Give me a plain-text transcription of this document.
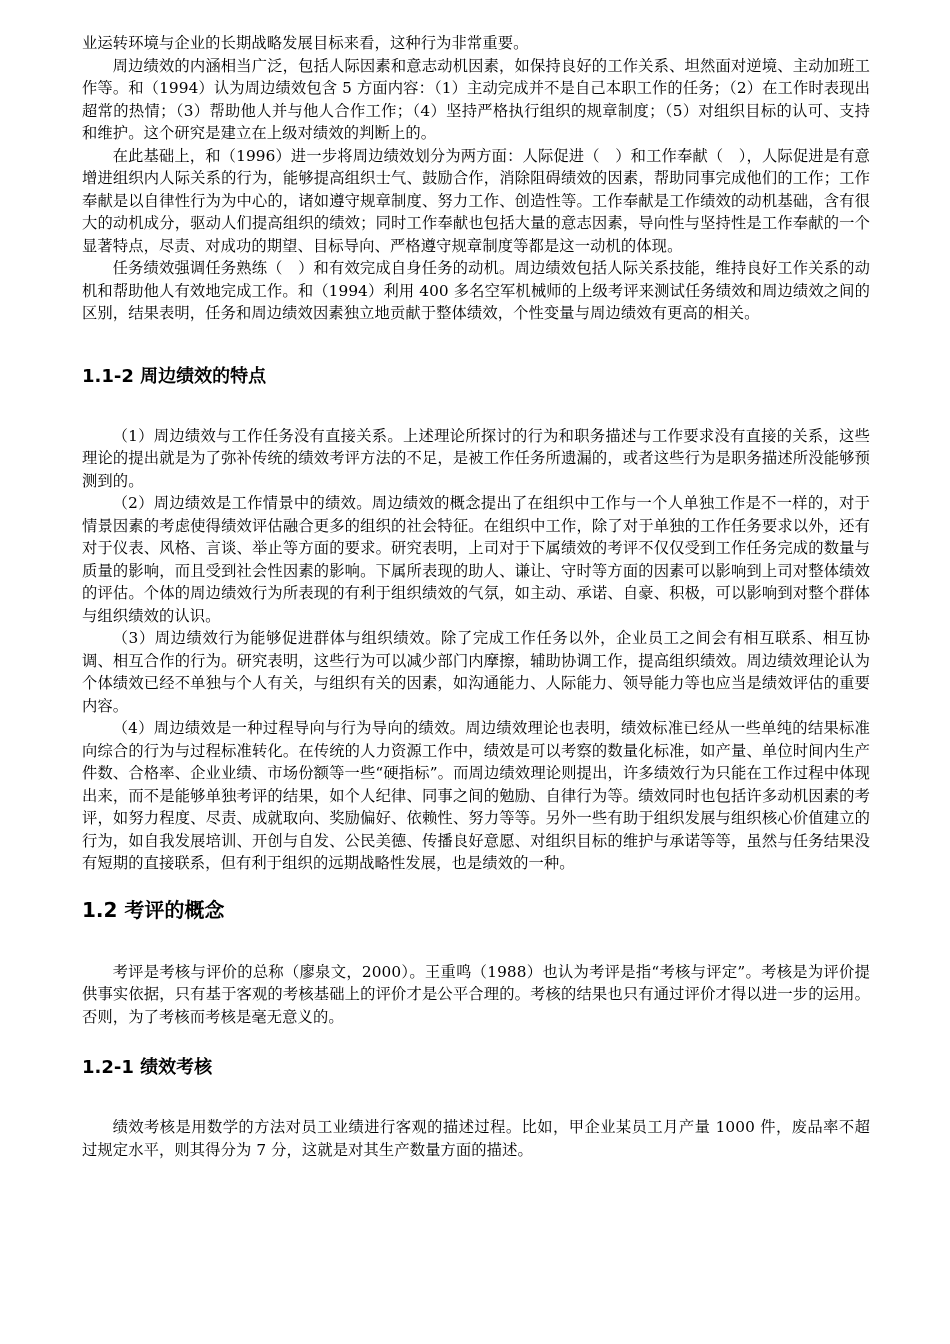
业运转环境与企业的长期战略发展目标来看，这种行为非常重要。

周边绩效的内涵相当广泛，包括人际因素和意志动机因素，如保持良好的工作关系、坦然面对逆境、主动加班工作等。和（1994）认为周边绩效包含 5 方面内容：（1）主动完成并不是自己本职工作的任务；（2）在工作时表现出超常的热情；（3）帮助他人并与他人合作工作；（4）坚持严格执行组织的规章制度；（5）对组织目标的认可、支持和维护。这个研究是建立在上级对绩效的判断上的。

在此基础上，和（1996）进一步将周边绩效划分为两方面：人际促进（　）和工作奉献（　），人际促进是有意增进组织内人际关系的行为，能够提高组织士气、鼓励合作，消除阻碍绩效的因素，帮助同事完成他们的工作；工作奉献是以自律性行为为中心的，诸如遵守规章制度、努力工作、创造性等。工作奉献是工作绩效的动机基础，含有很大的动机成分，驱动人们提高组织的绩效；同时工作奉献也包括大量的意志因素，导向性与坚持性是工作奉献的一个显著特点，尽责、对成功的期望、目标导向、严格遵守规章制度等都是这一动机的体现。

任务绩效强调任务熟练（　）和有效完成自身任务的动机。周边绩效包括人际关系技能，维持良好工作关系的动机和帮助他人有效地完成工作。和（1994）利用 400 多名空军机械师的上级考评来测试任务绩效和周边绩效之间的区别，结果表明，任务和周边绩效因素独立地贡献于整体绩效，个性变量与周边绩效有更高的相关。

1.1-2 周边绩效的特点

（1）周边绩效与工作任务没有直接关系。上述理论所探讨的行为和职务描述与工作要求没有直接的关系，这些理论的提出就是为了弥补传统的绩效考评方法的不足，是被工作任务所遗漏的，或者这些行为是职务描述所没能够预测到的。

（2）周边绩效是工作情景中的绩效。周边绩效的概念提出了在组织中工作与一个人单独工作是不一样的，对于情景因素的考虑使得绩效评估融合更多的组织的社会特征。在组织中工作，除了对于单独的工作任务要求以外，还有对于仪表、风格、言谈、举止等方面的要求。研究表明，上司对于下属绩效的考评不仅仅受到工作任务完成的数量与质量的影响，而且受到社会性因素的影响。下属所表现的助人、谦让、守时等方面的因素可以影响到上司对整体绩效的评估。个体的周边绩效行为所表现的有利于组织绩效的气氛，如主动、承诺、自豪、积极，可以影响到对整个群体与组织绩效的认识。

（3）周边绩效行为能够促进群体与组织绩效。除了完成工作任务以外，企业员工之间会有相互联系、相互协调、相互合作的行为。研究表明，这些行为可以减少部门内摩擦，辅助协调工作，提高组织绩效。周边绩效理论认为个体绩效已经不单独与个人有关，与组织有关的因素，如沟通能力、人际能力、领导能力等也应当是绩效评估的重要内容。

（4）周边绩效是一种过程导向与行为导向的绩效。周边绩效理论也表明，绩效标准已经从一些单纯的结果标准向综合的行为与过程标准转化。在传统的人力资源工作中，绩效是可以考察的数量化标准，如产量、单位时间内生产件数、合格率、企业业绩、市场份额等一些“硬指标”。而周边绩效理论则提出，许多绩效行为只能在工作过程中体现出来，而不是能够单独考评的结果，如个人纪律、同事之间的勉励、自律行为等。绩效同时也包括许多动机因素的考评，如努力程度、尽责、成就取向、奖励偏好、依赖性、努力等等。另外一些有助于组织发展与组织核心价值建立的行为，如自我发展培训、开创与自发、公民美德、传播良好意愿、对组织目标的维护与承诺等等，虽然与任务结果没有短期的直接联系，但有利于组织的远期战略性发展，也是绩效的一种。

1.2 考评的概念

考评是考核与评价的总称（廖泉文，2000）。王重鸣（1988）也认为考评是指“考核与评定”。考核是为评价提供事实依据，只有基于客观的考核基础上的评价才是公平合理的。考核的结果也只有通过评价才得以进一步的运用。否则，为了考核而考核是毫无意义的。

1.2-1 绩效考核

绩效考核是用数学的方法对员工业绩进行客观的描述过程。比如，甲企业某员工月产量 1000 件，废品率不超过规定水平，则其得分为 7 分，这就是对其生产数量方面的描述。
